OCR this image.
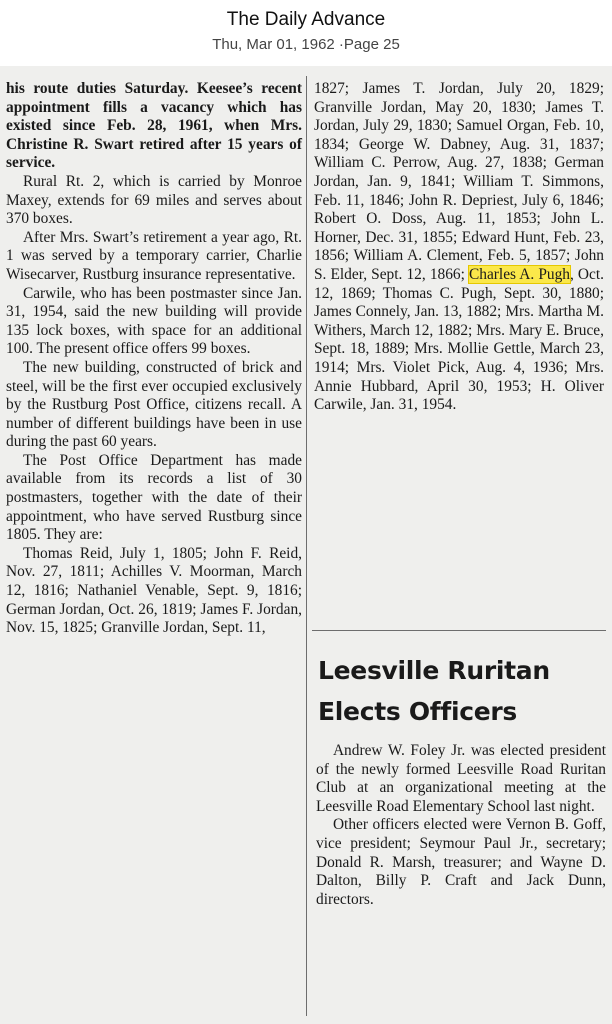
The Daily Advance
Thu, Mar 01, 1962 ·Page 25

his route duties Saturday. Keesee’s recent appointment fills a vacancy which has existed since Feb. 28, 1961, when Mrs. Christine R. Swart retired after 15 years of service.

Rural Rt. 2, which is carried by Monroe Maxey, extends for 69 miles and serves about 370 boxes.

After Mrs. Swart’s retirement a year ago, Rt. 1 was served by a temporary carrier, Charlie Wisecarver, Rustburg insurance representative.

Carwile, who has been postmaster since Jan. 31, 1954, said the new building will provide 135 lock boxes, with space for an additional 100. The present office offers 99 boxes.

The new building, constructed of brick and steel, will be the first ever occupied exclusively by the Rustburg Post Office, citizens recall. A number of different buildings have been in use during the past 60 years.

The Post Office Department has made available from its records a list of 30 postmasters, together with the date of their appointment, who have served Rustburg since 1805. They are:

Thomas Reid, July 1, 1805; John F. Reid, Nov. 27, 1811; Achilles V. Moorman, March 12, 1816; Nathaniel Venable, Sept. 9, 1816; German Jordan, Oct. 26, 1819; James F. Jordan, Nov. 15, 1825; Granville Jordan, Sept. 11,

1827; James T. Jordan, July 20, 1829; Granville Jordan, May 20, 1830; James T. Jordan, July 29, 1830; Samuel Organ, Feb. 10, 1834; George W. Dabney, Aug. 31, 1837; William C. Perrow, Aug. 27, 1838; German Jordan, Jan. 9, 1841; William T. Simmons, Feb. 11, 1846; John R. Depriest, July 6, 1846; Robert O. Doss, Aug. 11, 1853; John L. Horner, Dec. 31, 1855; Edward Hunt, Feb. 23, 1856; William A. Clement, Feb. 5, 1857; John S. Elder, Sept. 12, 1866; Charles A. Pugh, Oct. 12, 1869; Thomas C. Pugh, Sept. 30, 1880; James Connely, Jan. 13, 1882; Mrs. Martha M. Withers, March 12, 1882; Mrs. Mary E. Bruce, Sept. 18, 1889; Mrs. Mollie Gettle, March 23, 1914; Mrs. Violet Pick, Aug. 4, 1936; Mrs. Annie Hubbard, April 30, 1953; H. Oliver Carwile, Jan. 31, 1954.

Leesville Ruritan Elects Officers

Andrew W. Foley Jr. was elected president of the newly formed Leesville Road Ruritan Club at an organizational meeting at the Leesville Road Elementary School last night.

Other officers elected were Vernon B. Goff, vice president; Seymour Paul Jr., secretary; Donald R. Marsh, treasurer; and Wayne D. Dalton, Billy P. Craft and Jack Dunn, directors.
